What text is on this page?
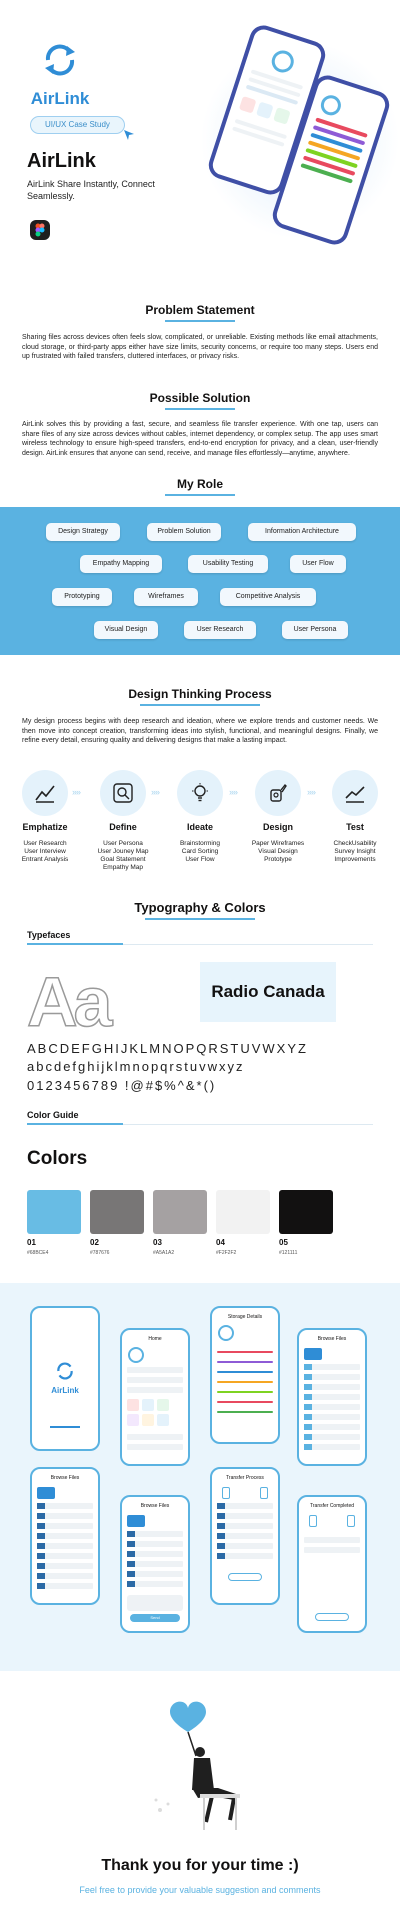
AirLink
UI/UX Case Study
AirLink
AirLink Share Instantly, Connect Seamlessly.
Problem Statement
Sharing files across devices often feels slow, complicated, or unreliable. Existing methods like email attachments, cloud storage, or third-party apps either have size limits, security concerns, or require too many steps. Users end up frustrated with failed transfers, cluttered interfaces, or privacy risks.
Possible Solution
AirLink solves this by providing a fast, secure, and seamless file transfer experience. With one tap, users can share files of any size across devices without cables, internet dependency, or complex setup. The app uses smart wireless technology to ensure high-speed transfers, end-to-end encryption for privacy, and a clean, user-friendly design. AirLink ensures that anyone can send, receive, and manage files effortlessly—anytime, anywhere.
My Role
Design Strategy	Problem Solution	Information Architecture
Empathy Mapping	Usability Testing	User Flow
Prototyping	Wireframes	Competitive Analysis
Visual Design	User Research	User Persona
Design Thinking Process
My design process begins with deep research and ideation, where we explore trends and customer needs. We then move into concept creation, transforming ideas into stylish, functional, and meaningful designs. Finally, we refine every detail, ensuring quality and delivering designs that make a lasting impact.
Emphatize
User Research
User Interview
Entrant Analysis
››››
Define
User Persona
User Jouney Map
Goal Statement
Empathy Map
››››
Ideate
Brainstorming
Card Sorting
User Flow
››››
Design
Paper Wireframes
Visual Design
Prototype
››››
Test
CheckUsability
Survey Insight
Improvements
Typography & Colors
Typefaces
Aa	Radio Canada
ABCDEFGHIJKLMNOPQRSTUVWXYZ
abcdefghijklmnopqrstuvwxyz
0123456789 !@#$%^&*()
Color Guide
Colors
01	02	03	04	05
#68BCE4	#787676	#A5A1A2	#F2F2F2	#121111
AirLink
Home
Storage Details
Browse Files
Browse Files
Browse Files
Send
Transfer Process
Transfer Completed
Thank you for your time :)
Feel free to provide your valuable suggestion and comments
